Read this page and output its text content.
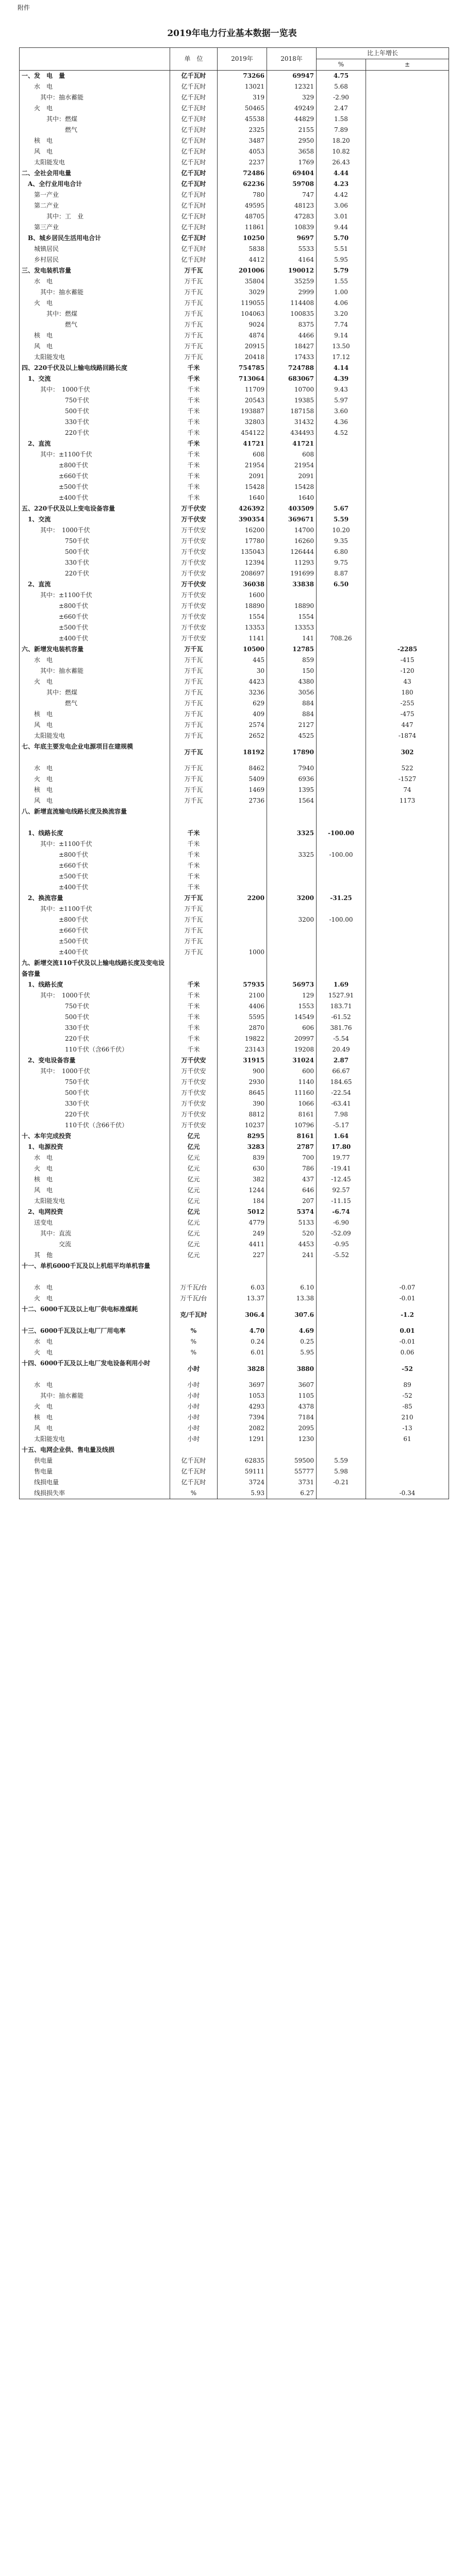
附件
2019年电力行业基本数据一览表
	单　位	2019年	2018年	比上年增长	
				%	±
一、发　电　量	亿千瓦时	73266	69947	4.75	
　　水　电	亿千瓦时	13021	12321	5.68	
　　　其中：抽水蓄能	亿千瓦时	319	329	-2.90	
　　火　电	亿千瓦时	50465	49249	2.47	
　　　　其中：燃煤	亿千瓦时	45538	44829	1.58	
　　　　　　　燃气	亿千瓦时	2325	2155	7.89	
　　核　电	亿千瓦时	3487	2950	18.20	
　　风　电	亿千瓦时	4053	3658	10.82	
　　太阳能发电	亿千瓦时	2237	1769	26.43	
二、全社会用电量	亿千瓦时	72486	69404	4.44	
　A、全行业用电合计	亿千瓦时	62236	59708	4.23	
　　第一产业	亿千瓦时	780	747	4.42	
　　第二产业	亿千瓦时	49595	48123	3.06	
　　　　其中：工　业	亿千瓦时	48705	47283	3.01	
　　第三产业	亿千瓦时	11861	10839	9.44	
　B、城乡居民生活用电合计	亿千瓦时	10250	9697	5.70	
　　城镇居民	亿千瓦时	5838	5533	5.51	
　　乡村居民	亿千瓦时	4412	4164	5.95	
三、发电装机容量	万千瓦	201006	190012	5.79	
　　水　电	万千瓦	35804	35259	1.55	
　　　其中：抽水蓄能	万千瓦	3029	2999	1.00	
　　火　电	万千瓦	119055	114408	4.06	
　　　　其中：燃煤	万千瓦	104063	100835	3.20	
　　　　　　　燃气	万千瓦	9024	8375	7.74	
　　核　电	万千瓦	4874	4466	9.14	
　　风　电	万千瓦	20915	18427	13.50	
　　太阳能发电	万千瓦	20418	17433	17.12	
四、220千伏及以上输电线路回路长度	千米	754785	724788	4.14	
　1、交流	千米	713064	683067	4.39	
　　　其中：　1000千伏	千米	11709	10700	9.43	
　　　　　　　750千伏	千米	20543	19385	5.97	
　　　　　　　500千伏	千米	193887	187158	3.60	
　　　　　　　330千伏	千米	32803	31432	4.36	
　　　　　　　220千伏	千米	454122	434493	4.52	
　2、直流	千米	41721	41721		
　　　其中：±1100千伏	千米	608	608		
　　　　　　±800千伏	千米	21954	21954		
　　　　　　±660千伏	千米	2091	2091		
　　　　　　±500千伏	千米	15428	15428		
　　　　　　±400千伏	千米	1640	1640		
五、220千伏及以上变电设备容量	万千伏安	426392	403509	5.67	
　1、交流	万千伏安	390354	369671	5.59	
　　　其中：　1000千伏	万千伏安	16200	14700	10.20	
　　　　　　　750千伏	万千伏安	17780	16260	9.35	
　　　　　　　500千伏	万千伏安	135043	126444	6.80	
　　　　　　　330千伏	万千伏安	12394	11293	9.75	
　　　　　　　220千伏	万千伏安	208697	191699	8.87	
　2、直流	万千伏安	36038	33838	6.50	
　　　其中：±1100千伏	万千伏安	1600			
　　　　　　±800千伏	万千伏安	18890	18890		
　　　　　　±660千伏	万千伏安	1554	1554		
　　　　　　±500千伏	万千伏安	13353	13353		
　　　　　　±400千伏	万千伏安	1141	141	708.26	
六、新增发电装机容量	万千瓦	10500	12785		-2285
　　水　电	万千瓦	445	859		-415
　　　其中：抽水蓄能	万千瓦	30	150		-120
　　火　电	万千瓦	4423	4380		43
　　　　其中：燃煤	万千瓦	3236	3056		180
　　　　　　　燃气	万千瓦	629	884		-255
　　核　电	万千瓦	409	884		-475
　　风　电	万千瓦	2574	2127		447
　　太阳能发电	万千瓦	2652	4525		-1874
七、年底主要发电企业电源项目在建规模	万千瓦	18192	17890		302
　　水　电	万千瓦	8462	7940		522
　　火　电	万千瓦	5409	6936		-1527
　　核　电	万千瓦	1469	1395		74
　　风　电	万千瓦	2736	1564		1173
八、新增直流输电线路长度及换流容量					
　1、线路长度	千米		3325	-100.00	
　　　其中：±1100千伏	千米				
　　　　　　±800千伏	千米		3325	-100.00	
　　　　　　±660千伏	千米				
　　　　　　±500千伏	千米				
　　　　　　±400千伏	千米				
　2、换流容量	万千瓦	2200	3200	-31.25	
　　　其中：±1100千伏	万千瓦				
　　　　　　±800千伏	万千瓦		3200	-100.00	
　　　　　　±660千伏	万千瓦				
　　　　　　±500千伏	万千瓦				
　　　　　　±400千伏	万千瓦	1000			
九、新增交流110千伏及以上输电线路长度及变电设备容量					
　1、线路长度	千米	57935	56973	1.69	
　　　其中：　1000千伏	千米	2100	129	1527.91	
　　　　　　　750千伏	千米	4406	1553	183.71	
　　　　　　　500千伏	千米	5595	14549	-61.52	
　　　　　　　330千伏	千米	2870	606	381.76	
　　　　　　　220千伏	千米	19822	20997	-5.54	
　　　　　　　110千伏（含66千伏）	千米	23143	19208	20.49	
　2、变电设备容量	万千伏安	31915	31024	2.87	
　　　其中：　1000千伏	万千伏安	900	600	66.67	
　　　　　　　750千伏	万千伏安	2930	1140	184.65	
　　　　　　　500千伏	万千伏安	8645	11160	-22.54	
　　　　　　　330千伏	万千伏安	390	1066	-63.41	
　　　　　　　220千伏	万千伏安	8812	8161	7.98	
　　　　　　　110千伏（含66千伏）	万千伏安	10237	10796	-5.17	
十、本年完成投资	亿元	8295	8161	1.64	
　1、电源投资	亿元	3283	2787	17.80	
　　水　电	亿元	839	700	19.77	
　　火　电	亿元	630	786	-19.41	
　　核　电	亿元	382	437	-12.45	
　　风　电	亿元	1244	646	92.57	
　　太阳能发电	亿元	184	207	-11.15	
　2、电网投资	亿元	5012	5374	-6.74	
　　送变电	亿元	4779	5133	-6.90	
　　　其中：直流	亿元	249	520	-52.09	
　　　　　　交流	亿元	4411	4453	-0.95	
　　其　他	亿元	227	241	-5.52	
十一、单机6000千瓦及以上机组平均单机容量					
　　水　电	万千瓦/台	6.03	6.10		-0.07
　　火　电	万千瓦/台	13.37	13.38		-0.01
十二、6000千瓦及以上电厂供电标准煤耗	克/千瓦时	306.4	307.6		-1.2
十三、6000千瓦及以上电厂厂用电率	%	4.70	4.69		0.01
　　水　电	%	0.24	0.25		-0.01
　　火　电	%	6.01	5.95		0.06
十四、6000千瓦及以上电厂发电设备利用小时	小时	3828	3880		-52
　　水　电	小时	3697	3607		89
　　　其中：抽水蓄能	小时	1053	1105		-52
　　火　电	小时	4293	4378		-85
　　核　电	小时	7394	7184		210
　　风　电	小时	2082	2095		-13
　　太阳能发电	小时	1291	1230		61
十五、电网企业供、售电量及线损					
　　供电量	亿千瓦时	62835	59500	5.59	
　　售电量	亿千瓦时	59111	55777	5.98	
　　线损电量	亿千瓦时	3724	3731	-0.21	
　　线损损失率	%	5.93	6.27		-0.34
